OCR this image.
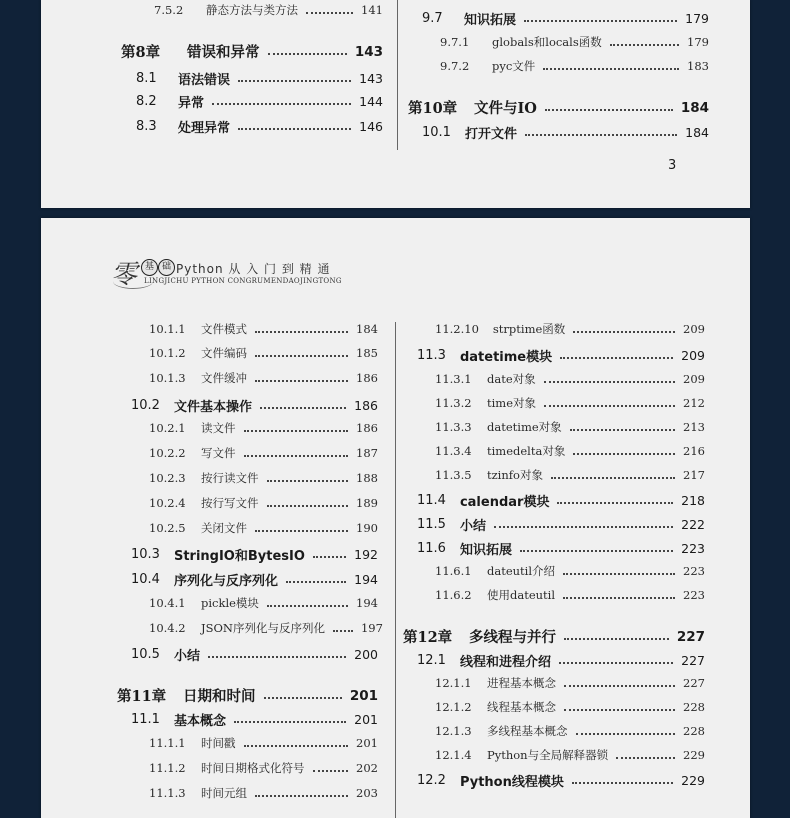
7.5.2	静态方法与类方法	141
第8章	错误和异常	143
8.1	语法错误	143
8.2	异常	144
8.3	处理异常	146
9.7	知识拓展	179
9.7.1	globals和locals函数	179
9.7.2	pyc文件	183
第10章 文件与IO	184
10.1 打开文件	184
3
零 基 础 Python 从 入 门 到 精 通
LINGJICHU PYTHON CONGRUMENDAOJINGTONG
10.1.1 文件模式	184
10.1.2 文件编码	185
10.1.3 文件缓冲	186
10.2 文件基本操作	186
10.2.1 读文件	186
10.2.2 写文件	187
10.2.3 按行读文件	188
10.2.4 按行写文件	189
10.2.5 关闭文件	190
10.3 StringIO和BytesIO	192
10.4 序列化与反序列化	194
10.4.1 pickle模块	194
10.4.2 JSON序列化与反序列化	197
10.5 小结	200
第11章 日期和时间	201
11.1 基本概念	201
11.1.1 时间戳	201
11.1.2 时间日期格式化符号	202
11.1.3 时间元组	203
11.2.10 strptime函数	209
11.3 datetime模块	209
11.3.1 date对象	209
11.3.2 time对象	212
11.3.3 datetime对象	213
11.3.4 timedelta对象	216
11.3.5 tzinfo对象	217
11.4 calendar模块	218
11.5 小结	222
11.6 知识拓展	223
11.6.1 dateutil介绍	223
11.6.2 使用dateutil	223
第12章 多线程与并行	227
12.1 线程和进程介绍	227
12.1.1 进程基本概念	227
12.1.2 线程基本概念	228
12.1.3 多线程基本概念	228
12.1.4 Python与全局解释器锁	229
12.2 Python线程模块	229
